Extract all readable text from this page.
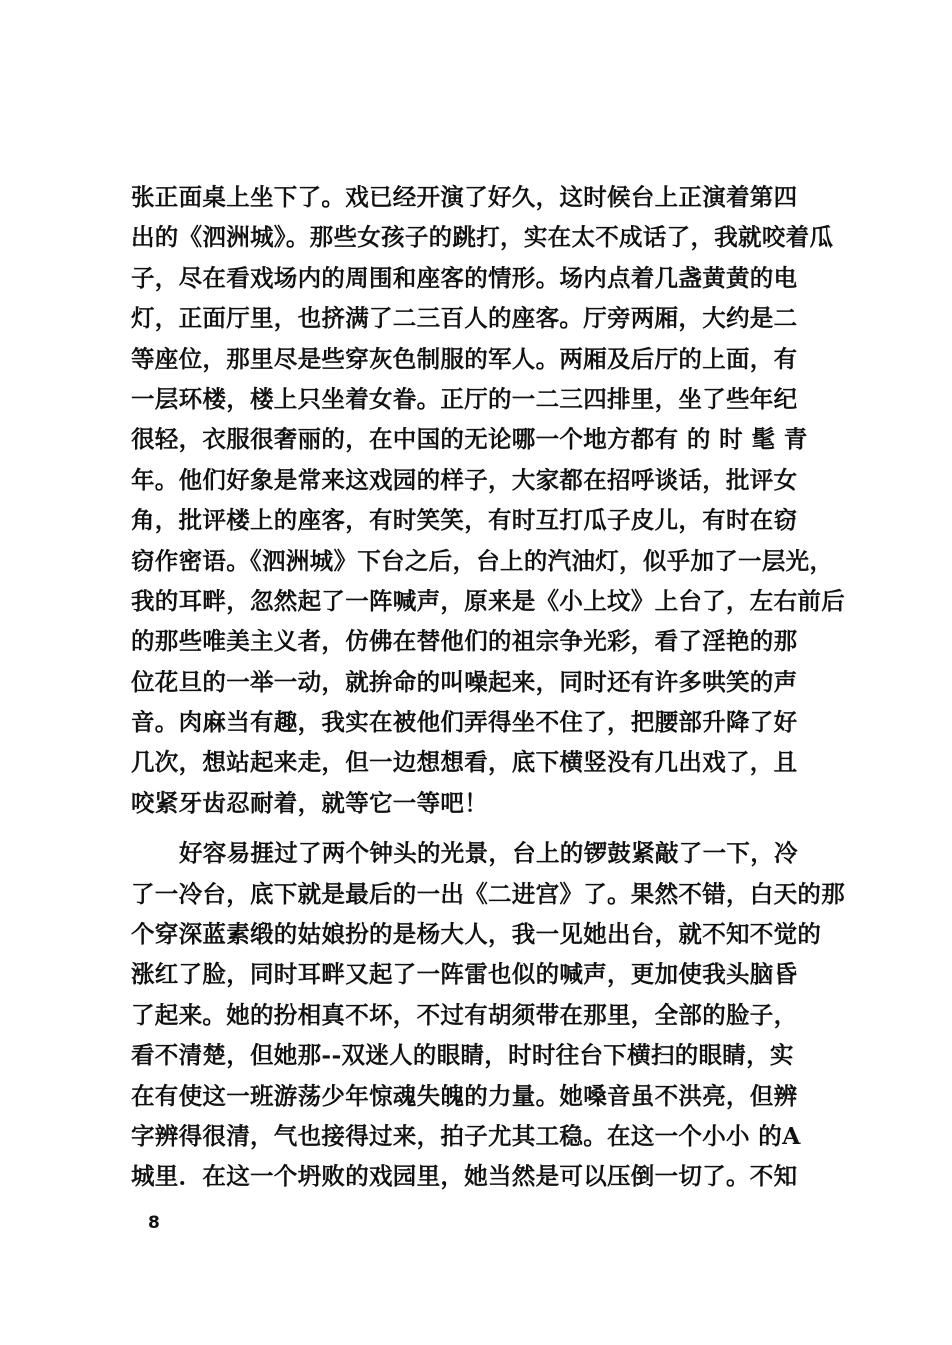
张正面桌上坐下了。戏已经开演了好久，这时候台上正演着第四
出的《泗洲城》。那些女孩子的跳打，实在太不成话了，我就咬着瓜
子，尽在看戏场内的周围和座客的情形。场内点着几盏黄黄的电
灯，正面厅里，也挤满了二三百人的座客。厅旁两厢，大约是二
等座位，那里尽是些穿灰色制服的军人。两厢及后厅的上面，有
一层环楼，楼上只坐着女眷。正厅的一二三四排里，坐了些年纪
很轻，衣服很奢丽的，在中国的无论哪一个地方都有 的 时 髦 青
年。他们好象是常来这戏园的样子，大家都在招呼谈话，批评女
角，批评楼上的座客，有时笑笑，有时互打瓜子皮儿，有时在窃
窃作密语。《泗洲城》下台之后，台上的汽油灯，似乎加了一层光，
我的耳畔，忽然起了一阵喊声，原来是《小上坟》上台了，左右前后
的那些唯美主义者，仿佛在替他们的祖宗争光彩，看了淫艳的那
位花旦的一举一动，就拚命的叫噪起来，同时还有许多哄笑的声
音。肉麻当有趣，我实在被他们弄得坐不住了，把腰部升降了好
几次，想站起来走，但一边想想看，底下横竖没有几出戏了，且
咬紧牙齿忍耐着，就等它一等吧！
好容易捱过了两个钟头的光景，台上的锣鼓紧敲了一下，冷
了一冷台，底下就是最后的一出《二进宫》了。果然不错，白天的那
个穿深蓝素缎的姑娘扮的是杨大人，我一见她出台，就不知不觉的
涨红了脸，同时耳畔又起了一阵雷也似的喊声，更加使我头脑昏
了起来。她的扮相真不坏，不过有胡须带在那里，全部的脸子，
看不清楚，但她那--双迷人的眼睛，时时往台下横扫的眼睛，实
在有使这一班游荡少年惊魂失魄的力量。她嗓音虽不洪亮，但辨
字辨得很清，气也接得过来，拍子尤其工稳。在这一个小小 的A
城里．在这一个坍败的戏园里，她当然是可以压倒一切了。不知
8
